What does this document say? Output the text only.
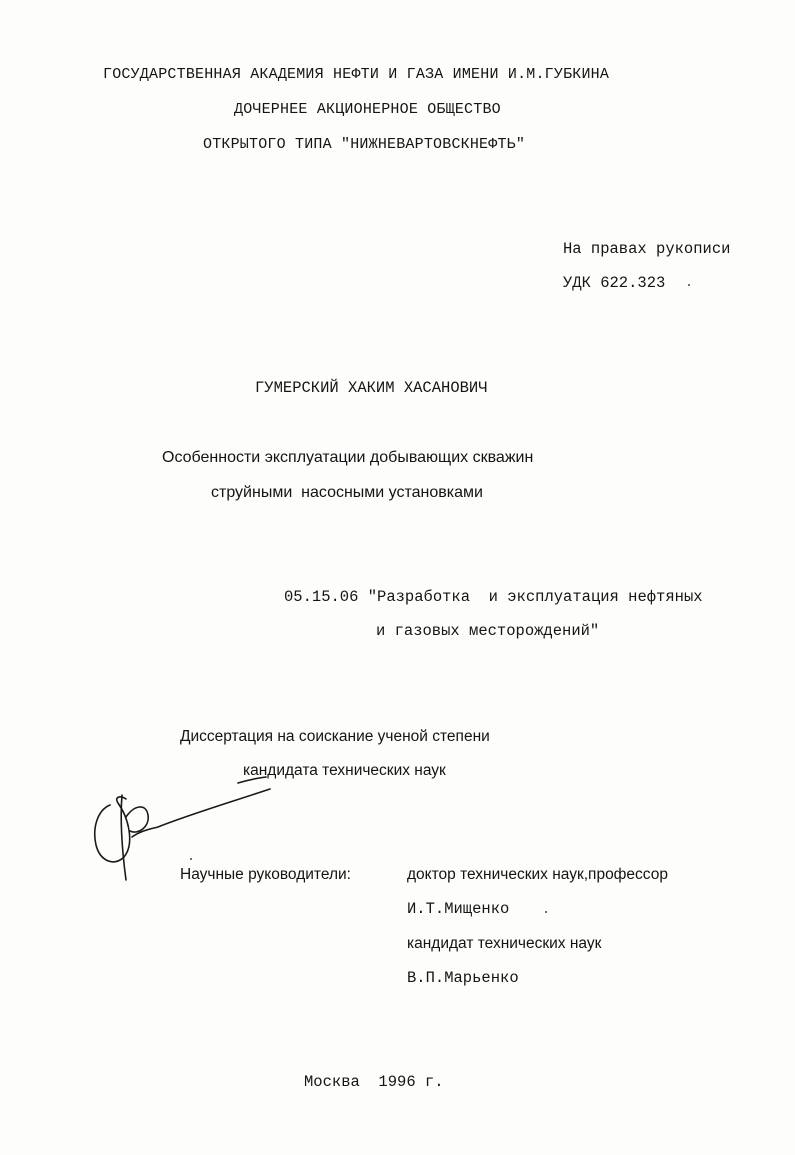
ГОСУДАРСТВЕННАЯ АКАДЕМИЯ НЕФТИ И ГАЗА ИМЕНИ И.М.ГУБКИНА
ДОЧЕРНЕЕ АКЦИОНЕРНОЕ ОБЩЕСТВО
ОТКРЫТОГО ТИПА "НИЖНЕВАРТОВСКНЕФТЬ"
На правах рукописи
УДК 622.323
ГУМЕРСКИЙ ХАКИМ ХАСАНОВИЧ
Особенности эксплуатации добывающих скважин
струйными  насосными установками
05.15.06 "Разработка  и эксплуатация нефтяных
и газовых месторождений"
Диссертация на соискание ученой степени
кандидата технических наук
Научные руководители:	доктор технических наук,профессор
И.Т.Мищенко
кандидат технических наук
В.П.Марьенко
Москва  1996 г.
